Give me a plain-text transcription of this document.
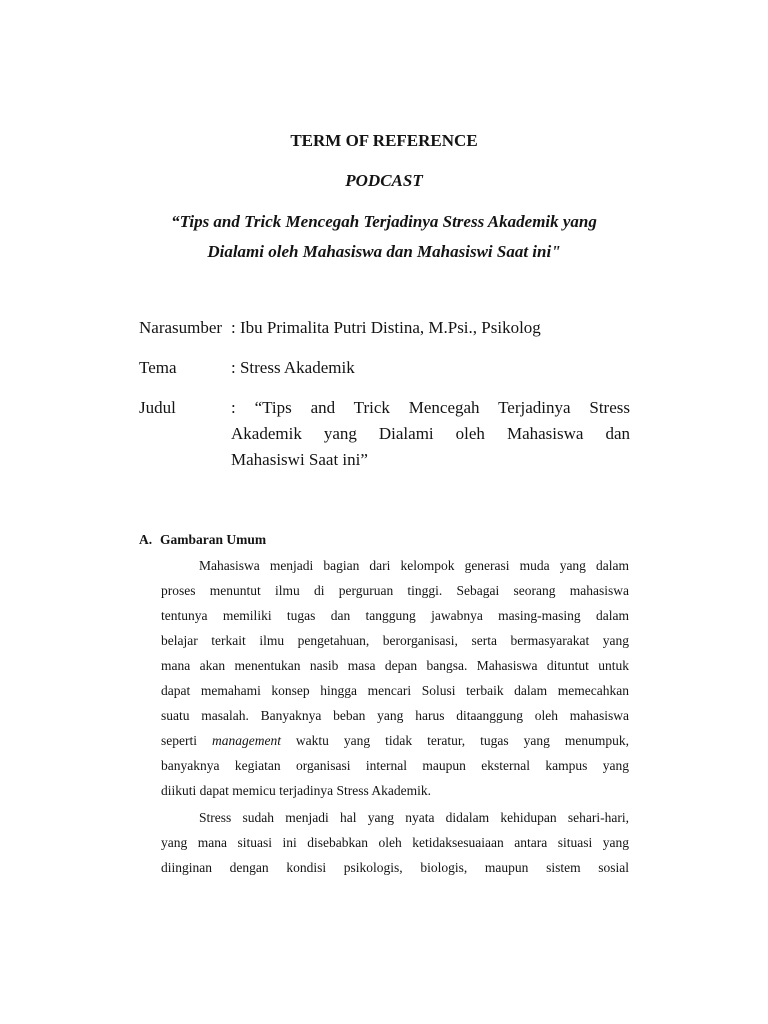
TERM OF REFERENCE
PODCAST
“Tips and Trick Mencegah Terjadinya Stress Akademik yang
Dialami oleh Mahasiswa dan Mahasiswi Saat ini"
Narasumber : Ibu Primalita Putri Distina, M.Psi., Psikolog
Tema	: Stress Akademik
Judul	: “Tips and Trick Mencegah Terjadinya Stress
Akademik yang Dialami oleh Mahasiswa dan
Mahasiswi Saat ini”
A. Gambaran Umum
Mahasiswa menjadi bagian dari kelompok generasi muda yang dalam
proses menuntut ilmu di perguruan tinggi. Sebagai seorang mahasiswa
tentunya memiliki tugas dan tanggung jawabnya masing-masing dalam
belajar terkait ilmu pengetahuan, berorganisasi, serta bermasyarakat yang
mana akan menentukan nasib masa depan bangsa. Mahasiswa dituntut untuk
dapat memahami konsep hingga mencari Solusi terbaik dalam memecahkan
suatu masalah. Banyaknya beban yang harus ditaanggung oleh mahasiswa
seperti management waktu yang tidak teratur, tugas yang menumpuk,
banyaknya kegiatan organisasi internal maupun eksternal kampus yang
diikuti dapat memicu terjadinya Stress Akademik.
Stress sudah menjadi hal yang nyata didalam kehidupan sehari-hari,
yang mana situasi ini disebabkan oleh ketidaksesuaiaan antara situasi yang
diinginan dengan kondisi psikologis, biologis, maupun sistem sosial
